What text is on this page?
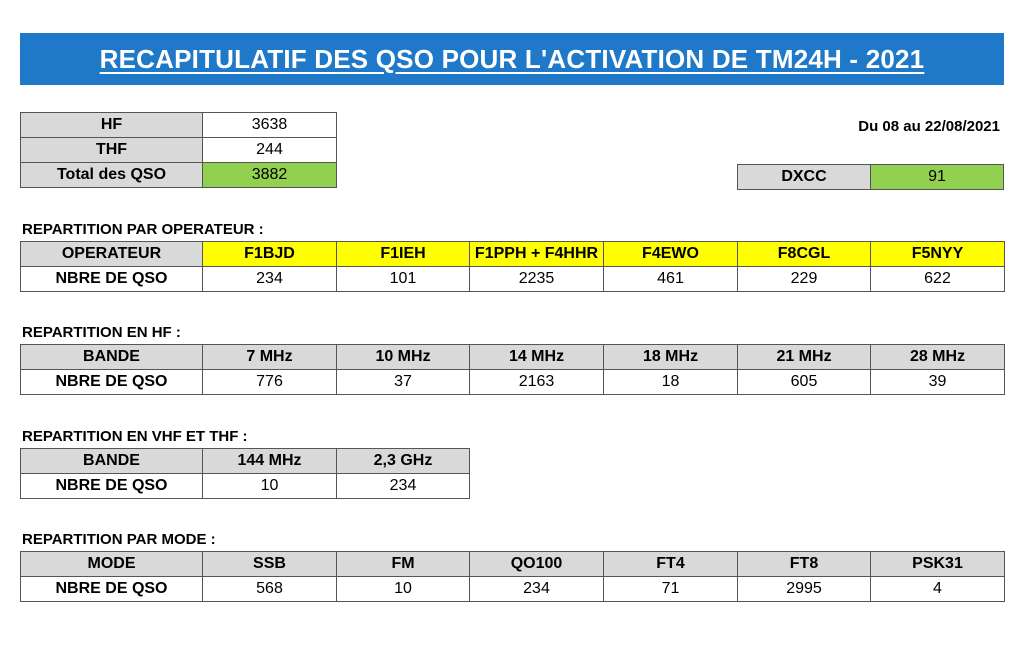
RECAPITULATIF DES QSO POUR L'ACTIVATION DE TM24H - 2021
HF	3638
THF	244
Total des QSO	3882
Du 08 au 22/08/2021
DXCC	91
REPARTITION PAR OPERATEUR :
OPERATEUR	F1BJD	F1IEH	F1PPH + F4HHR	F4EWO	F8CGL	F5NYY
NBRE DE QSO	234	101	2235	461	229	622
REPARTITION EN HF :
BANDE	7 MHz	10 MHz	14 MHz	18 MHz	21 MHz	28 MHz
NBRE DE QSO	776	37	2163	18	605	39
REPARTITION EN VHF ET THF :
BANDE	144 MHz	2,3 GHz
NBRE DE QSO	10	234
REPARTITION PAR MODE :
MODE	SSB	FM	QO100	FT4	FT8	PSK31
NBRE DE QSO	568	10	234	71	2995	4
